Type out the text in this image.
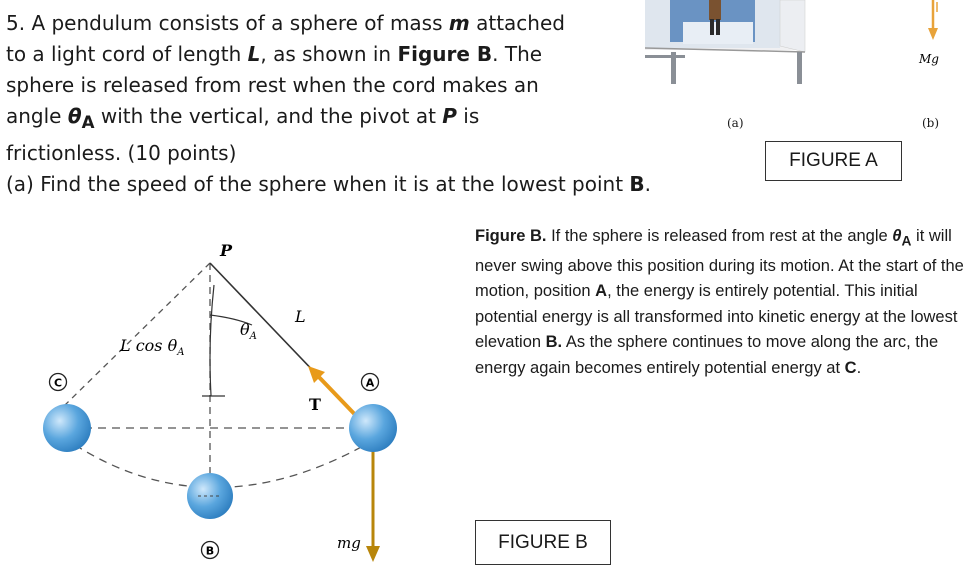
5. A pendulum consists of a sphere of mass m attached
to a light cord of length L, as shown in Figure B. The
sphere is released from rest when the cord makes an
angle $\theta_A$ with the vertical, and the pivot at P is
frictionless. (10 points)
(a) Find the speed of the sphere when it is at the lowest point B.
Mg
(a)	(b)
FIGURE A
Figure B. If the sphere is released from rest at the angle $\theta_A$ it will never swing above this position during its motion. At the start of the motion, position A, the energy is entirely potential. This initial potential energy is all transformed into kinetic energy at the lowest elevation B. As the sphere continues to move along the arc, the energy again becomes entirely potential energy at C.
P
L
T
mg
L $\cos \theta_A$
$\theta_A$
C	A
B	FIGURE B
